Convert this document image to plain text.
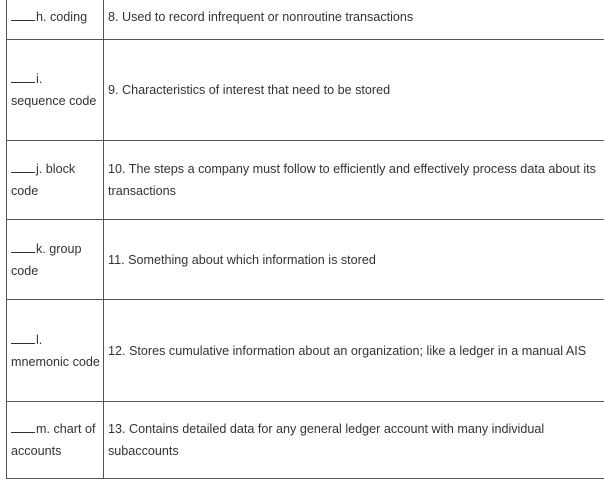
h. coding	8. Used to record infrequent or nonroutine transactions
i. sequence code	9. Characteristics of interest that need to be stored
j. block code	10. The steps a company must follow to efficiently and effectively process data about its transactions
k. group code	11. Something about which information is stored
l. mnemonic code	12. Stores cumulative information about an organization; like a ledger in a manual AIS
m. chart of accounts	13. Contains detailed data for any general ledger account with many individual subaccounts
